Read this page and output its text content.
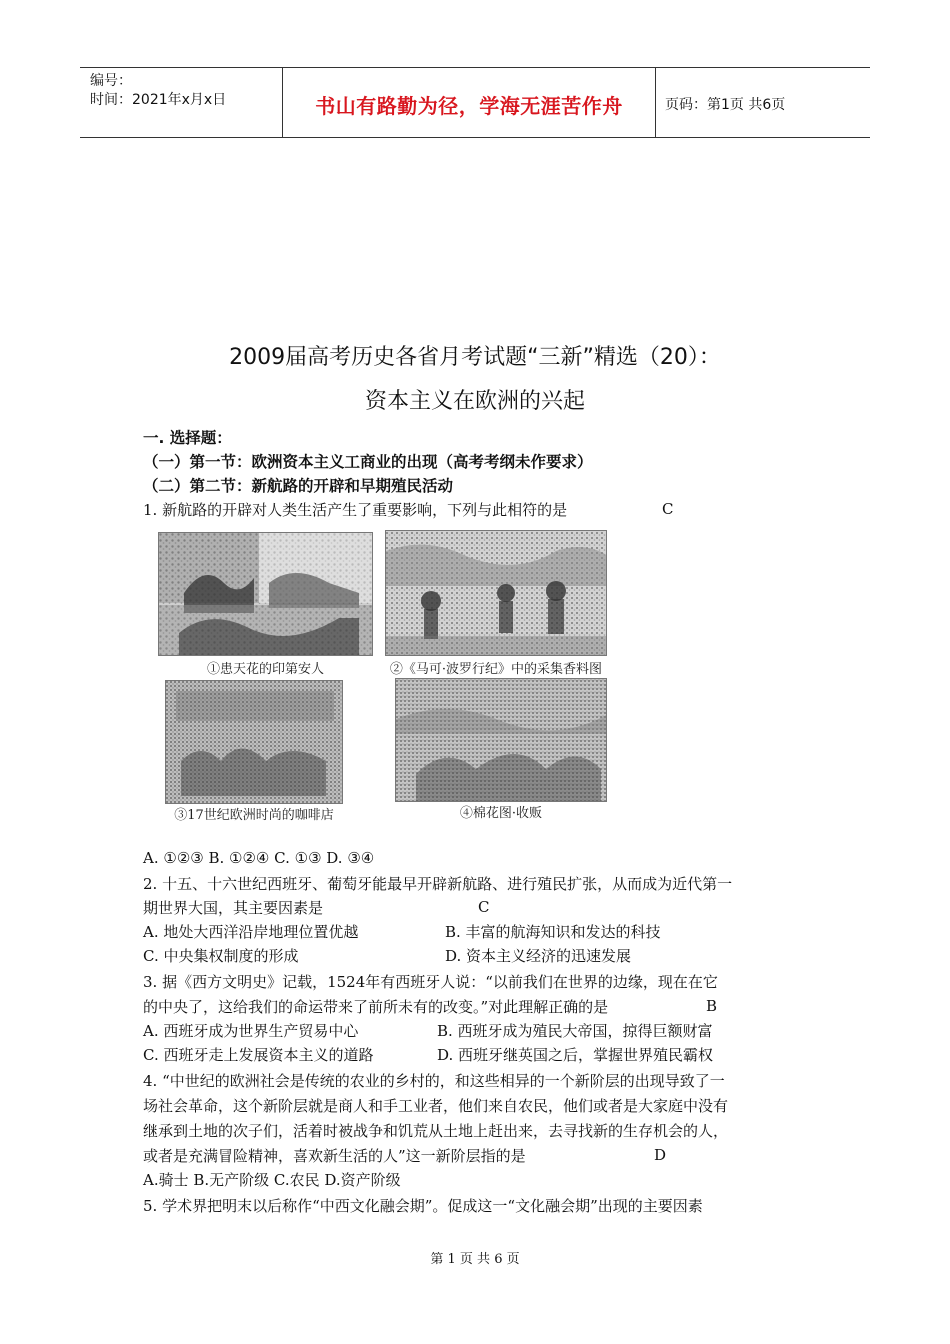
编号：
时间：2021年x月x日	书山有路勤为径，学海无涯苦作舟	页码：第1页 共6页
2009届高考历史各省月考试题“三新”精选（20）：
资本主义在欧洲的兴起
一. 选择题：
（一）第一节：欧洲资本主义工商业的出现（高考考纲未作要求）
（二）第二节：新航路的开辟和早期殖民活动
1. 新航路的开辟对人类生活产生了重要影响，下列与此相符的是	C
①患天花的印第安人	②《马可·波罗行纪》中的采集香料图
③17世纪欧洲时尚的咖啡店	④棉花图·收贩
A. ①②③ B. ①②④ C. ①③ D. ③④
2. 十五、十六世纪西班牙、葡萄牙能最早开辟新航路、进行殖民扩张，从而成为近代第一
期世界大国，其主要因素是	C
A. 地处大西洋沿岸地理位置优越	B. 丰富的航海知识和发达的科技
C. 中央集权制度的形成	D. 资本主义经济的迅速发展
3. 据《西方文明史》记载，1524年有西班牙人说：“以前我们在世界的边缘，现在在它
的中央了，这给我们的命运带来了前所未有的改变。”对此理解正确的是	B
A. 西班牙成为世界生产贸易中心	B. 西班牙成为殖民大帝国，掠得巨额财富
C. 西班牙走上发展资本主义的道路	D. 西班牙继英国之后，掌握世界殖民霸权
4. “中世纪的欧洲社会是传统的农业的乡村的，和这些相异的一个新阶层的出现导致了一
场社会革命，这个新阶层就是商人和手工业者，他们来自农民，他们或者是大家庭中没有
继承到土地的次子们，活着时被战争和饥荒从土地上赶出来，去寻找新的生存机会的人，
或者是充满冒险精神，喜欢新生活的人”这一新阶层指的是	D
A.骑士 B.无产阶级 C.农民 D.资产阶级
5. 学术界把明末以后称作“中西文化融会期”。促成这一“文化融会期”出现的主要因素
第 1 页 共 6 页
